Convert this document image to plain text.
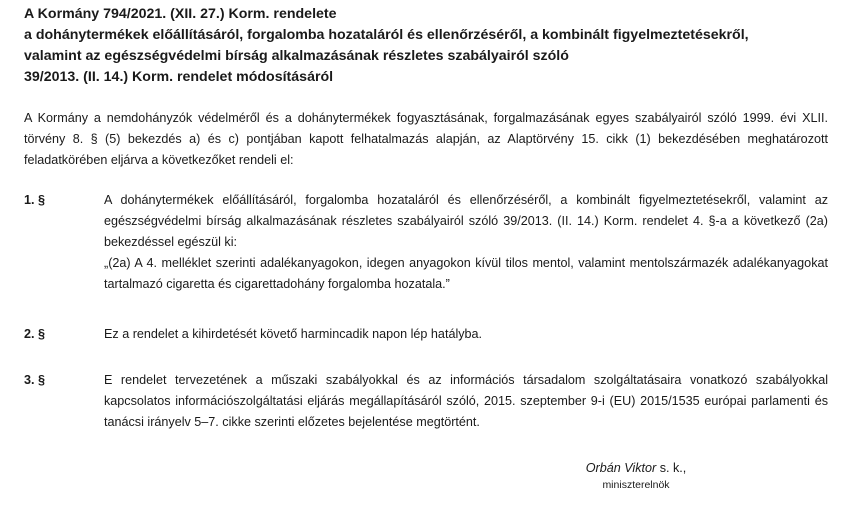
A Kormány 794/2021. (XII. 27.) Korm. rendelete
a dohánytermékek előállításáról, forgalomba hozataláról és ellenőrzéséről, a kombinált figyelmeztetésekről,
valamint az egészségvédelmi bírság alkalmazásának részletes szabályairól szóló
39/2013. (II. 14.) Korm. rendelet módosításáról

A Kormány a nemdohányzók védelméről és a dohánytermékek fogyasztásának, forgalmazásának egyes szabályairól szóló 1999. évi XLII. törvény 8. § (5) bekezdés a) és c) pontjában kapott felhatalmazás alapján, az Alaptörvény 15. cikk (1) bekezdésében meghatározott feladatkörében eljárva a következőket rendeli el:

1. §	A dohánytermékek előállításáról, forgalomba hozataláról és ellenőrzéséről, a kombinált figyelmeztetésekről, valamint az egészségvédelmi bírság alkalmazásának részletes szabályairól szóló 39/2013. (II. 14.) Korm. rendelet 4. §-a a következő (2a) bekezdéssel egészül ki:
„(2a) A 4. melléklet szerinti adalékanyagokon, idegen anyagokon kívül tilos mentol, valamint mentolszármazék adalékanyagokat tartalmazó cigaretta és cigarettadohány forgalomba hozatala.”
2. §	Ez a rendelet a kihirdetését követő harmincadik napon lép hatályba.
3. §	E rendelet tervezetének a műszaki szabályokkal és az információs társadalom szolgáltatásaira vonatkozó szabályokkal kapcsolatos információszolgáltatási eljárás megállapításáról szóló, 2015. szeptember 9-i (EU) 2015/1535 európai parlamenti és tanácsi irányelv 5–7. cikke szerinti előzetes bejelentése megtörtént.
Orbán Viktor s. k.,
miniszterelnök
